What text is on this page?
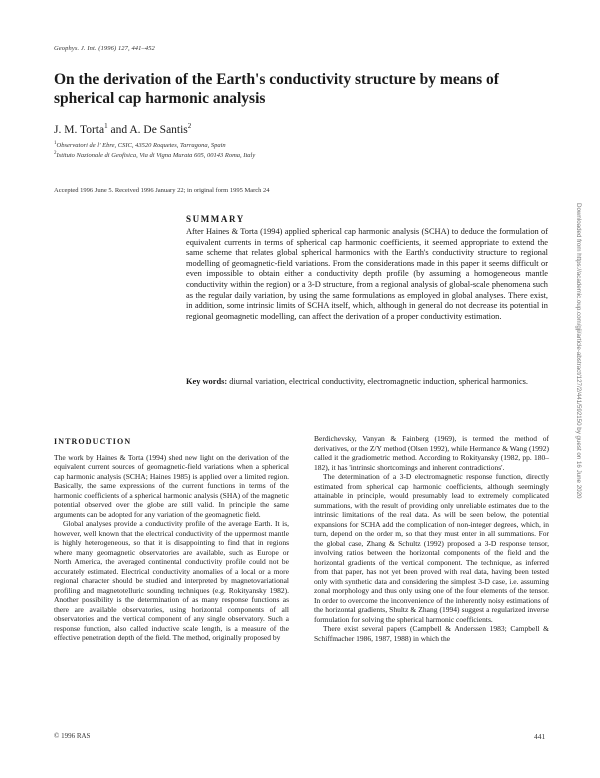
Geophys. J. Int. (1996) 127, 441–452
On the derivation of the Earth's conductivity structure by means of spherical cap harmonic analysis
J. M. Torta$^1$ and A. De Santis$^2$
$^1$Observatori de l' Ebre, CSIC, 43520 Roquetes, Tarragona, Spain
$^2$Istituto Nazionale di Geofisica, Via di Vigna Murata 605, 00143 Roma, Italy
Accepted 1996 June 5. Received 1996 January 22; in original form 1995 March 24
SUMMARY
After Haines & Torta (1994) applied spherical cap harmonic analysis (SCHA) to deduce the formulation of equivalent currents in terms of spherical cap harmonic coefficients, it seemed appropriate to extend the same scheme that relates global spherical harmonics with the Earth's conductivity structure to regional modelling of geomagnetic-field variations. From the considerations made in this paper it seems difficult or even impossible to obtain either a conductivity depth profile (by assuming a homogeneous mantle conductivity within the region) or a 3-D structure, from a regional analysis of global-scale phenomena such as the regular daily variation, by using the same formulations as employed in global analyses. There exist, in addition, some intrinsic limits of SCHA itself, which, although in general do not decrease its potential in regional geomagnetic modelling, can affect the derivation of a proper conductivity estimation.
Key words: diurnal variation, electrical conductivity, electromagnetic induction, spherical harmonics.
INTRODUCTION

The work by Haines & Torta (1994) shed new light on the derivation of the equivalent current sources of geomagnetic-field variations when a spherical cap harmonic analysis (SCHA; Haines 1985) is applied over a limited region. Basically, the same expressions of the current functions in terms of the harmonic coefficients of a spherical harmonic analysis (SHA) of the magnetic potential observed over the globe are still valid. In principle the same arguments can be adopted for any variation of the geomagnetic field.

Global analyses provide a conductivity profile of the average Earth. It is, however, well known that the electrical conductivity of the uppermost mantle is highly heterogeneous, so that it is disappointing to find that in regions where many geomagnetic observatories are available, such as Europe or North America, the averaged continental conductivity profile could not be accurately estimated. Electrical conductivity anomalies of a local or a more regional character should be studied and interpreted by magnetovariational profiling and magnetotelluric sounding techniques (e.g. Rokityansky 1982). Another possibility is the determination of as many response functions as there are available observatories, using horizontal components of all observatories and the vertical component of any single observatory. Such a response function, also called inductive scale length, is a measure of the effective penetration depth of the field. The method, originally proposed by

Berdichevsky, Vanyan & Fainberg (1969), is termed the method of derivatives, or the Z/Y method (Olsen 1992), while Hermance & Wang (1992) called it the gradiometric method. According to Rokityansky (1982, pp. 180–182), it has 'intrinsic shortcomings and inherent contradictions'.

The determination of a 3-D electromagnetic response function, directly estimated from spherical cap harmonic coefficients, although seemingly attainable in principle, would presumably lead to extremely complicated summations, with the result of providing only unreliable estimates due to the intrinsic limitations of the real data. As will be seen below, the potential expansions for SCHA add the complication of non-integer degrees, which, in turn, depend on the order m, so that they must enter in all summations. For the global case, Zhang & Schultz (1992) proposed a 3-D response tensor, involving ratios between the horizontal components of the field and the horizontal gradients of the vertical component. The technique, as inferred from that paper, has not yet been proved with real data, having been tested only with synthetic data and considering the simplest 3-D case, i.e. assuming zonal morphology and thus only using one of the four elements of the tensor. In order to overcome the inconvenience of the inherently noisy estimations of the horizontal gradients, Shultz & Zhang (1994) suggest a regularized inverse formulation for solving the spherical harmonic coefficients.

There exist several papers (Campbell & Anderssen 1983; Campbell & Schiffmacher 1986, 1987, 1988) in which the

© 1996 RAS	441
Downloaded from https://academic.oup.com/gji/article-abstract/127/2/441/592150 by guest on 16 June 2020
